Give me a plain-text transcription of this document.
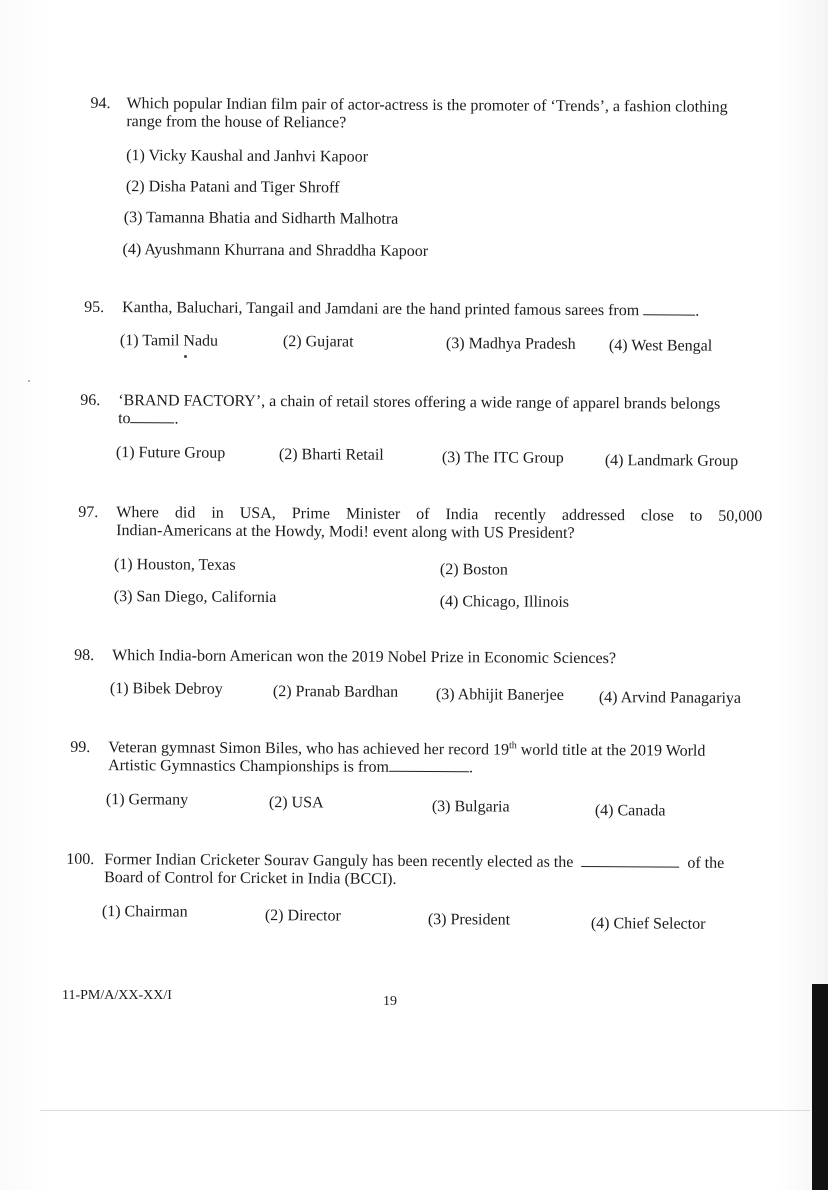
94. Which popular Indian film pair of actor-actress is the promoter of ‘Trends’, a fashion clothing
range from the house of Reliance?
(1) Vicky Kaushal and Janhvi Kapoor
(2) Disha Patani and Tiger Shroff
(3) Tamanna Bhatia and Sidharth Malhotra
(4) Ayushmann Khurrana and Shraddha Kapoor
95. Kantha, Baluchari, Tangail and Jamdani are the hand printed famous sarees from	.
(1) Tamil Nadu	(2) Gujarat	(3) Madhya Pradesh (4) West Bengal
96. ‘BRAND FACTORY’, a chain of retail stores offering a wide range of apparel brands belongs
to	.
(1) Future Group	(2) Bharti Retail	(3) The ITC Group	(4) Landmark Group
97. Where did in USA, Prime Minister of India recently addressed close to 50,000
Indian-Americans at the Howdy, Modi! event along with US President?
(1) Houston, Texas	(2) Boston
(3) San Diego, California	(4) Chicago, Illinois
98. Which India-born American won the 2019 Nobel Prize in Economic Sciences?
(1) Bibek Debroy	(2) Pranab Bardhan (3) Abhijit Banerjee (4) Arvind Panagariya
99. Veteran gymnast Simon Biles, who has achieved her record 19th world title at the 2019 World
Artistic Gymnastics Championships is from	.
(1) Germany	(2) USA	(3) Bulgaria	(4) Canada
100. Former Indian Cricketer Sourav Ganguly has been recently elected as the	of the
Board of Control for Cricket in India (BCCI).
(1) Chairman	(2) Director	(3) President	(4) Chief Selector
11-PM/A/XX-XX/I	19
